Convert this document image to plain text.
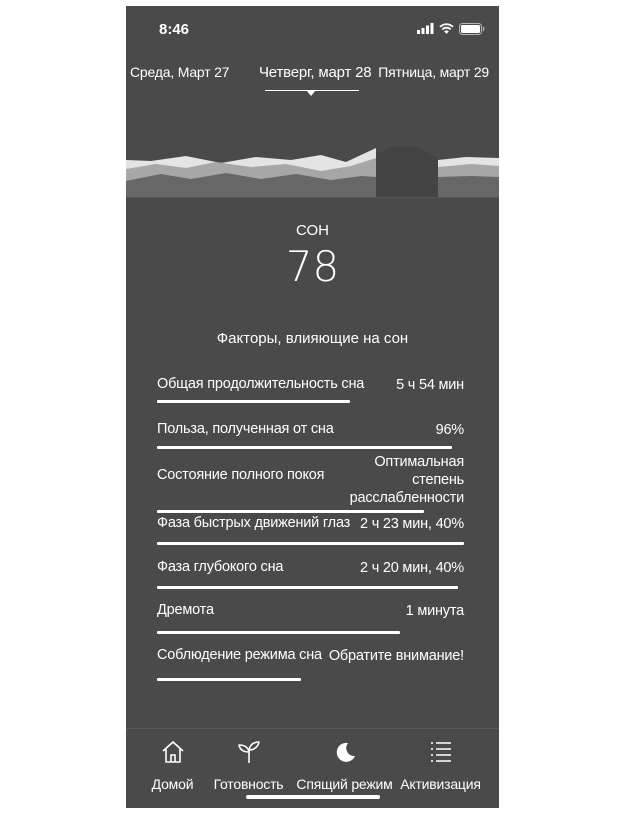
8:46
Среда, Март 27 Четверг, март 28 Пятница, март 29
СОН
78
Факторы, влияющие на сон
Общая продолжительность сна 5 ч 54 мин
Польза, полученная от сна	96%
Состояние полного покоя
Оптимальная
степень
расслабленности
Фаза быстрых движений глаз 2 ч 23 мин, 40%
Фаза глубокого сна	2 ч 20 мин, 40%
Дремота	1 минута
Соблюдение режима сна Обратите внимание!
Домой	Готовность Спящий режим Активизация
